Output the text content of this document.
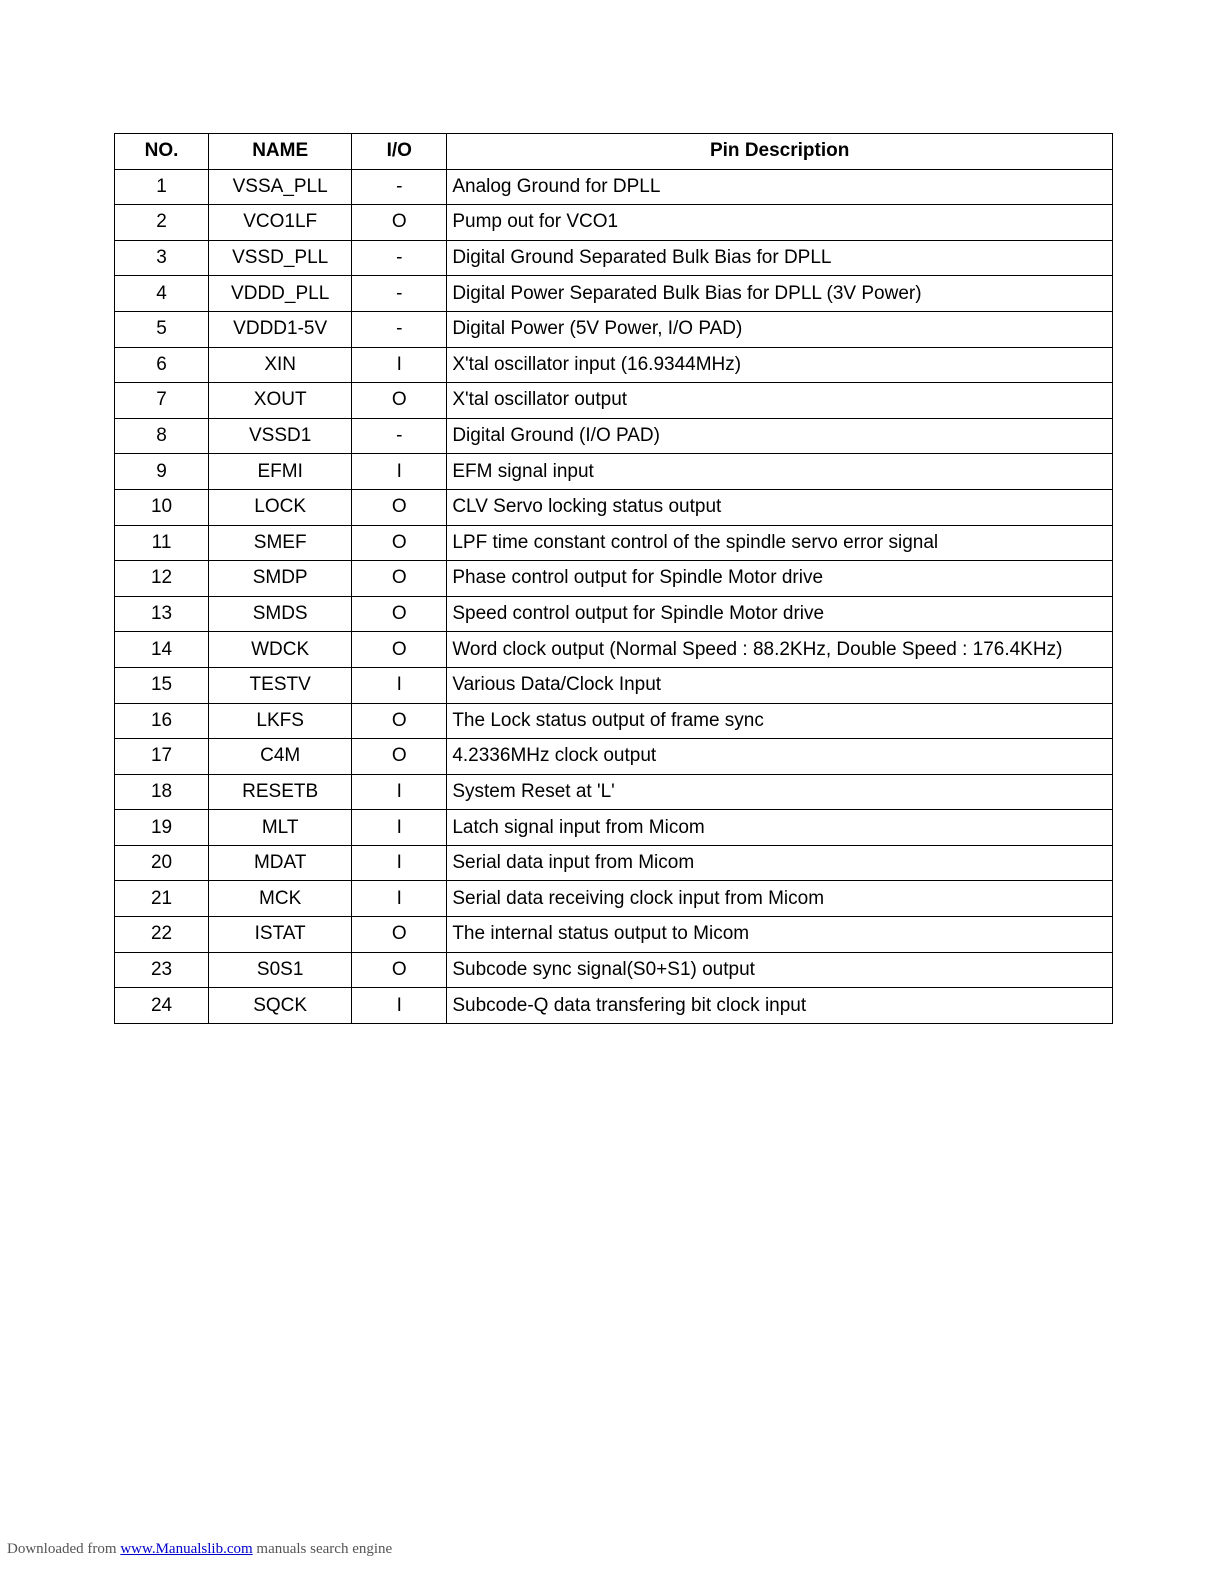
NO.	NAME	I/O	Pin Description
1	VSSA_PLL	-	Analog Ground for DPLL
2	VCO1LF	O	Pump out for VCO1
3	VSSD_PLL	-	Digital Ground Separated Bulk Bias for DPLL
4	VDDD_PLL	-	Digital Power Separated Bulk Bias for DPLL (3V Power)
5	VDDD1-5V	-	Digital Power (5V Power, I/O PAD)
6	XIN	I	X'tal oscillator input (16.9344MHz)
7	XOUT	O	X'tal oscillator output
8	VSSD1	-	Digital Ground (I/O PAD)
9	EFMI	I	EFM signal input
10	LOCK	O	CLV Servo locking status output
11	SMEF	O	LPF time constant control of the spindle servo error signal
12	SMDP	O	Phase control output for Spindle Motor drive
13	SMDS	O	Speed control output for Spindle Motor drive
14	WDCK	O	Word clock output (Normal Speed : 88.2KHz, Double Speed : 176.4KHz)
15	TESTV	I	Various Data/Clock Input
16	LKFS	O	The Lock status output of frame sync
17	C4M	O	4.2336MHz clock output
18	RESETB	I	System Reset at 'L'
19	MLT	I	Latch signal input from Micom
20	MDAT	I	Serial data input from Micom
21	MCK	I	Serial data receiving clock input from Micom
22	ISTAT	O	The internal status output to Micom
23	S0S1	O	Subcode sync signal(S0+S1) output
24	SQCK	I	Subcode-Q data transfering bit clock input
Downloaded from www.Manualslib.com manuals search engine
